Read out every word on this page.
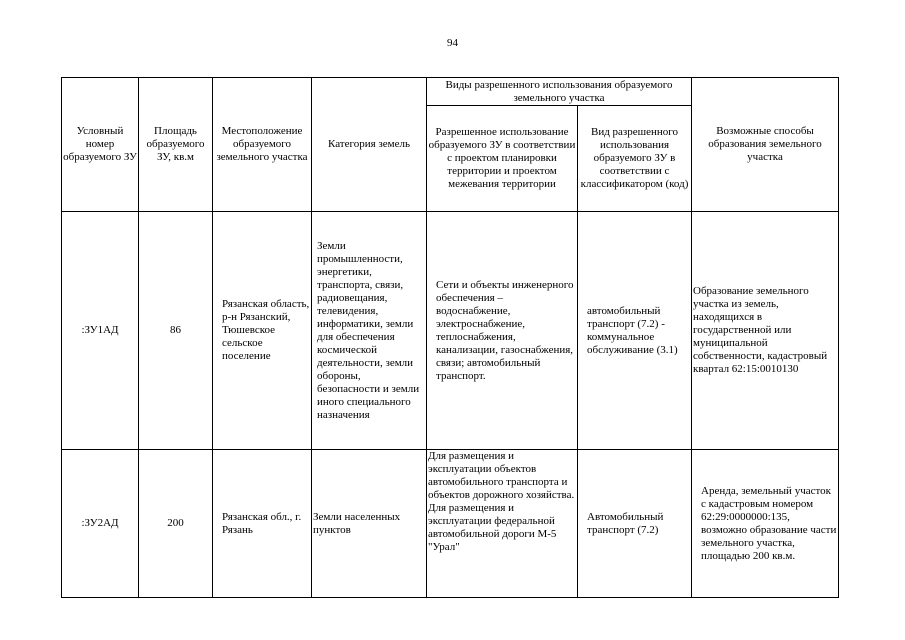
94
Условный номер образуемого ЗУ	Площадь образуемого ЗУ, кв.м	Местоположение образуемого земельного участка	Категория земель	Виды разрешенного использования образуемого земельного участка		Возможные способы образования земельного участка
				Разрешенное использование образуемого ЗУ в соответствии с проектом планировки территории и проектом межевания территории	Вид разрешенного использования образуемого ЗУ в соответствии с классификатором (код)	
:ЗУ1АД	86	Рязанская область, р-н Рязанский, Тюшевское сельское поселение	Земли промышленности, энергетики, транспорта, связи, радиовещания, телевидения, информатики, земли для обеспечения космической деятельности, земли обороны, безопасности и земли иного специального назначения	Сети и объекты инженерного обеспечения – водоснабжение, электроснабжение, теплоснабжения, канализации, газоснабжения, связи; автомобильный транспорт.	автомобильный транспорт (7.2) - коммунальное обслуживание (3.1)	Образование земельного участка из земель, находящихся в государственной или муниципальной собственности, кадастровый квартал 62:15:0010130
:ЗУ2АД	200	Рязанская обл., г. Рязань	Земли населенных пунктов	Для размещения и эксплуатации объектов автомобильного транспорта и объектов дорожного хозяйства. Для размещения и эксплуатации федеральной автомобильной дороги М-5 "Урал"	Автомобильный транспорт (7.2)	Аренда, земельный участок с кадастровым номером 62:29:0000000:135, возможно образование части земельного участка, площадью 200 кв.м.
